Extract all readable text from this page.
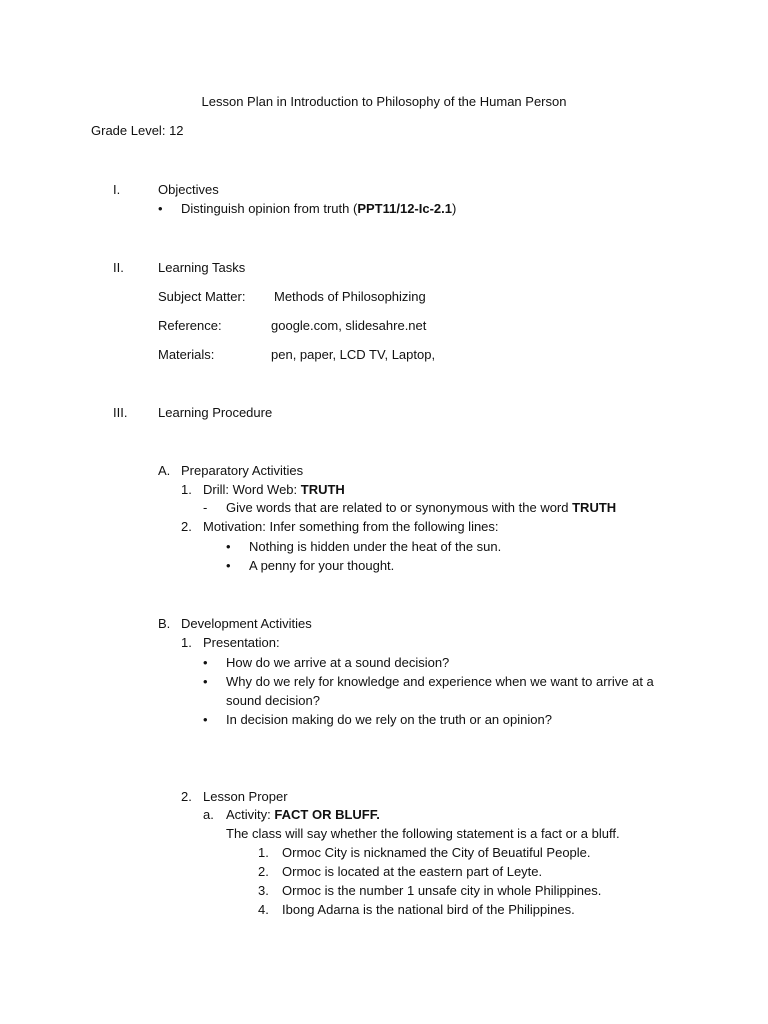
Lesson Plan in Introduction to Philosophy of the Human Person
Grade Level: 12
I.	Objectives
• Distinguish opinion from truth (PPT11/12-Ic-2.1)
II.	Learning Tasks
Subject Matter: Methods of Philosophizing
Reference:	google.com, slidesahre.net
Materials:	pen, paper, LCD TV, Laptop,
III. Learning Procedure
A. Preparatory Activities
1. Drill: Word Web: TRUTH
- Give words that are related to or synonymous with the word TRUTH
2. Motivation: Infer something from the following lines:
• Nothing is hidden under the heat of the sun.
• A penny for your thought.
B. Development Activities
1. Presentation:
• How do we arrive at a sound decision?
• Why do we rely for knowledge and experience when we want to arrive at a
sound decision?
• In decision making do we rely on the truth or an opinion?
2. Lesson Proper
a. Activity: FACT OR BLUFF.
The class will say whether the following statement is a fact or a bluff.
1. Ormoc City is nicknamed the City of Beuatiful People.
2. Ormoc is located at the eastern part of Leyte.
3. Ormoc is the number 1 unsafe city in whole Philippines.
4. Ibong Adarna is the national bird of the Philippines.
